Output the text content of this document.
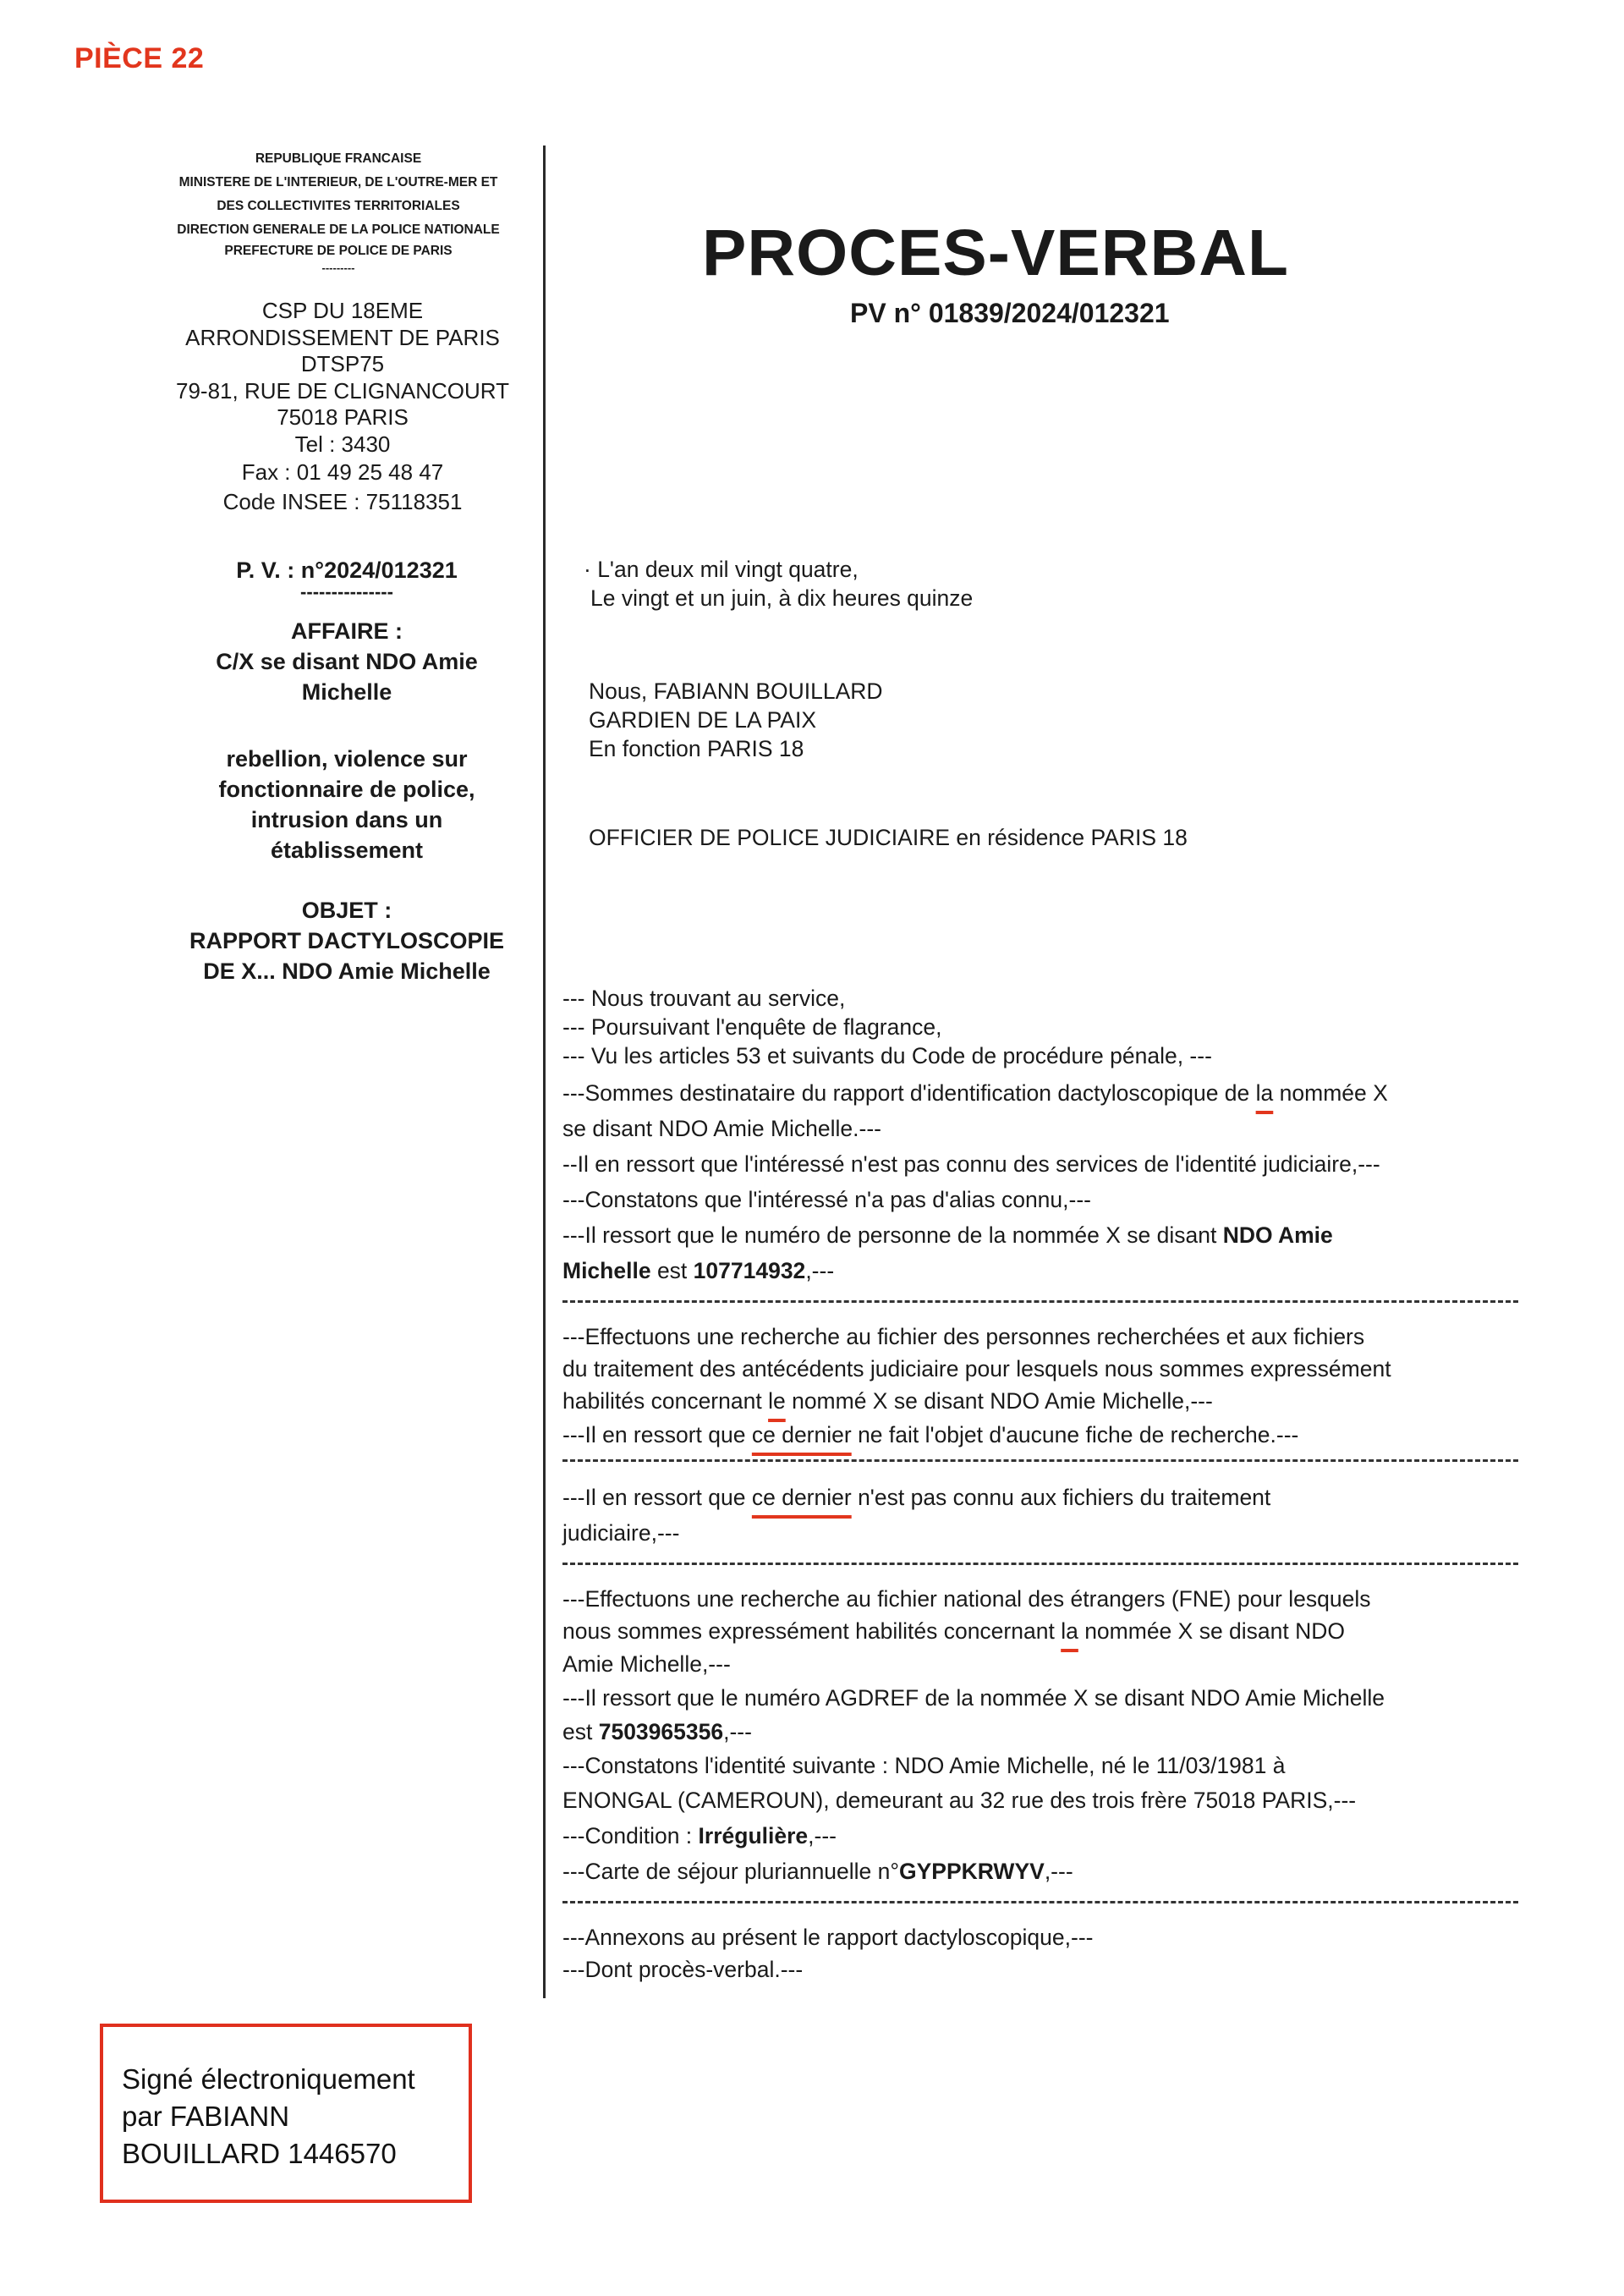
PIÈCE 22
REPUBLIQUE FRANCAISE
MINISTERE DE L'INTERIEUR, DE L'OUTRE-MER ET
DES COLLECTIVITES TERRITORIALES
DIRECTION GENERALE DE LA POLICE NATIONALE
PREFECTURE DE POLICE DE PARIS
---------
CSP DU 18EME
ARRONDISSEMENT DE PARIS
DTSP75
79-81, RUE DE CLIGNANCOURT
75018 PARIS
Tel : 3430
Fax : 01 49 25 48 47
Code INSEE : 75118351
P. V. : n°2024/012321
---------------
AFFAIRE :
C/X se disant NDO Amie
Michelle
rebellion, violence sur
fonctionnaire de police,
intrusion dans un
établissement
OBJET :
RAPPORT DACTYLOSCOPIE
DE X... NDO Amie Michelle
PROCES-VERBAL
PV n° 01839/2024/012321
· L'an deux mil vingt quatre,
Le vingt et un juin, à dix heures quinze
Nous, FABIANN BOUILLARD
GARDIEN DE LA PAIX
En fonction PARIS 18
OFFICIER DE POLICE JUDICIAIRE en résidence PARIS 18
--- Nous trouvant au service,
--- Poursuivant l'enquête de flagrance,
--- Vu les articles 53 et suivants du Code de procédure pénale, ---
---Sommes destinataire du rapport d'identification dactyloscopique de la nommée X
se disant NDO Amie Michelle.---
--Il en ressort que l'intéressé n'est pas connu des services de l'identité judiciaire,---
---Constatons que l'intéressé n'a pas d'alias connu,---
---Il ressort que le numéro de personne de la nommée X se disant NDO Amie
Michelle est 107714932,---
---Effectuons une recherche au fichier des personnes recherchées et aux fichiers
du traitement des antécédents judiciaire pour lesquels nous sommes expressément
habilités concernant le nommé X se disant NDO Amie Michelle,---
---Il en ressort que ce dernier ne fait l'objet d'aucune fiche de recherche.---
---Il en ressort que ce dernier n'est pas connu aux fichiers du traitement
judiciaire,---
---Effectuons une recherche au fichier national des étrangers (FNE) pour lesquels
nous sommes expressément habilités concernant la nommée X se disant NDO
Amie Michelle,---
---Il ressort que le numéro AGDREF de la nommée X se disant NDO Amie Michelle
est 7503965356,---
---Constatons l'identité suivante : NDO Amie Michelle, né le 11/03/1981 à
ENONGAL (CAMEROUN), demeurant au 32 rue des trois frère 75018 PARIS,---
---Condition : Irrégulière,---
---Carte de séjour pluriannuelle n°GYPPKRWYV,---
---Annexons au présent le rapport dactyloscopique,---
---Dont procès-verbal.---
Signé électroniquement
par FABIANN
BOUILLARD 1446570
